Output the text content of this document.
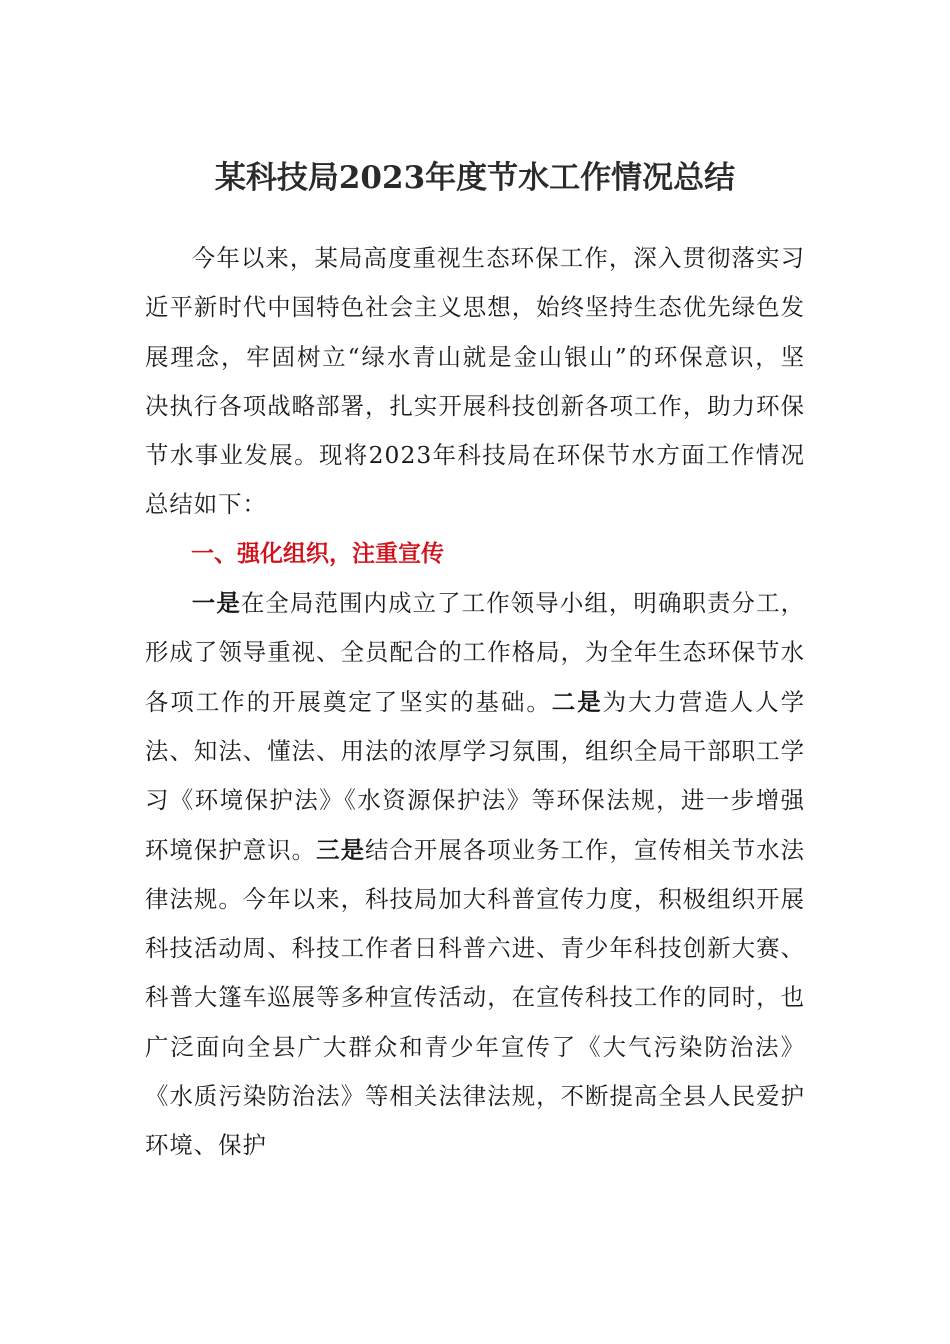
某科技局2023年度节水工作情况总结

今年以来，某局高度重视生态环保工作，深入贯彻落实习近平新时代中国特色社会主义思想，始终坚持生态优先绿色发展理念，牢固树立“绿水青山就是金山银山”的环保意识，坚决执行各项战略部署，扎实开展科技创新各项工作，助力环保节水事业发展。现将2023年科技局在环保节水方面工作情况总结如下：

一、强化组织，注重宣传

一是在全局范围内成立了工作领导小组，明确职责分工，形成了领导重视、全员配合的工作格局，为全年生态环保节水各项工作的开展奠定了坚实的基础。二是为大力营造人人学法、知法、懂法、用法的浓厚学习氛围，组织全局干部职工学习《环境保护法》《水资源保护法》等环保法规，进一步增强环境保护意识。三是结合开展各项业务工作，宣传相关节水法律法规。今年以来，科技局加大科普宣传力度，积极组织开展科技活动周、科技工作者日科普六进、青少年科技创新大赛、科普大篷车巡展等多种宣传活动，在宣传科技工作的同时，也广泛面向全县广大群众和青少年宣传了《大气污染防治法》《水质污染防治法》等相关法律法规，不断提高全县人民爱护环境、保护
